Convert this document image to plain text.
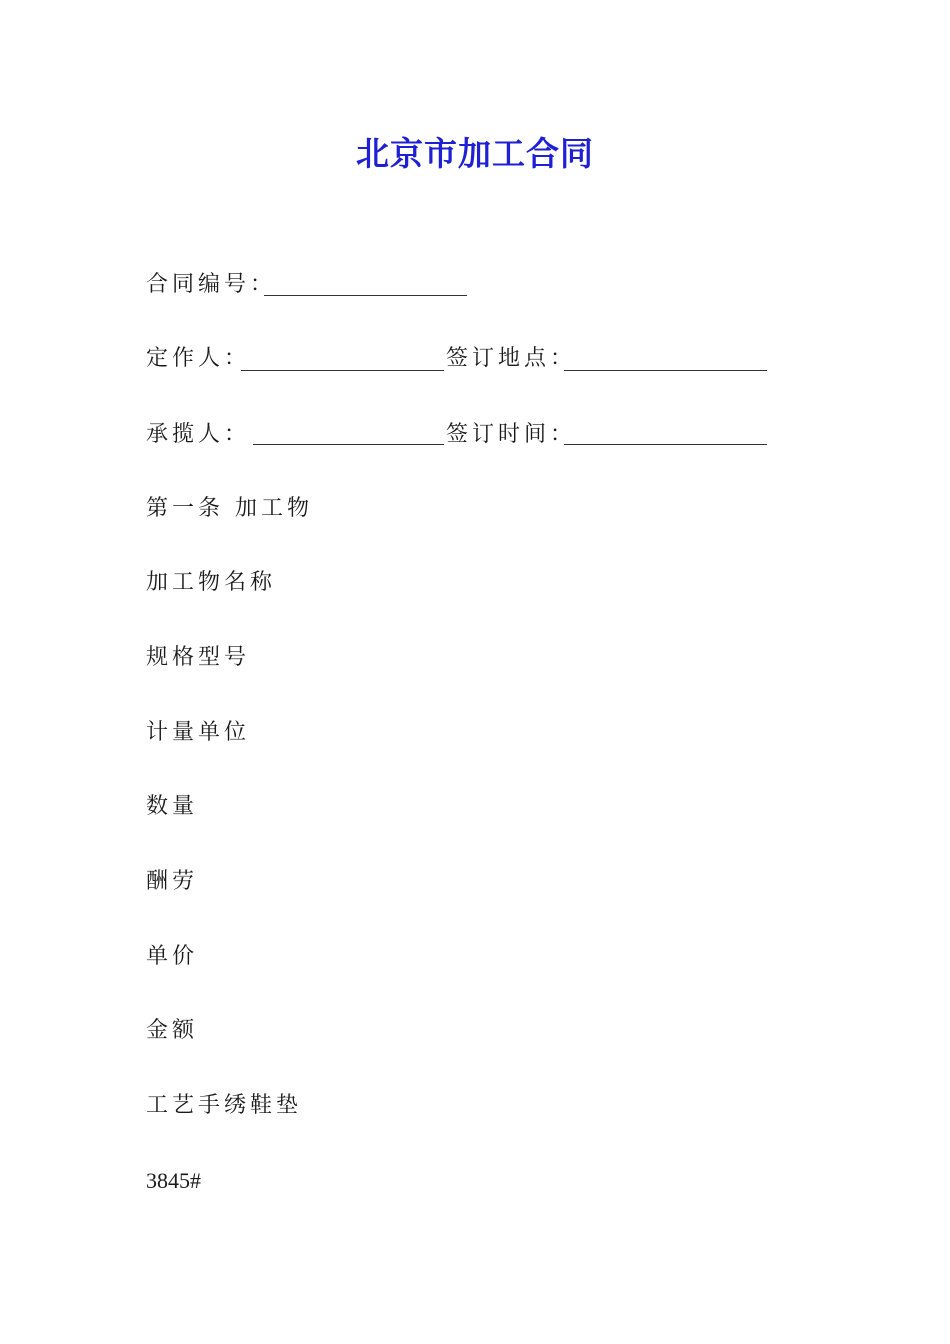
北京市加工合同
合同编号：
定作人：	签订地点：
承揽人：	签订时间：
第一条 加工物
加工物名称
规格型号
计量单位
数量
酬劳
单价
金额
工艺手绣鞋垫
3845#
